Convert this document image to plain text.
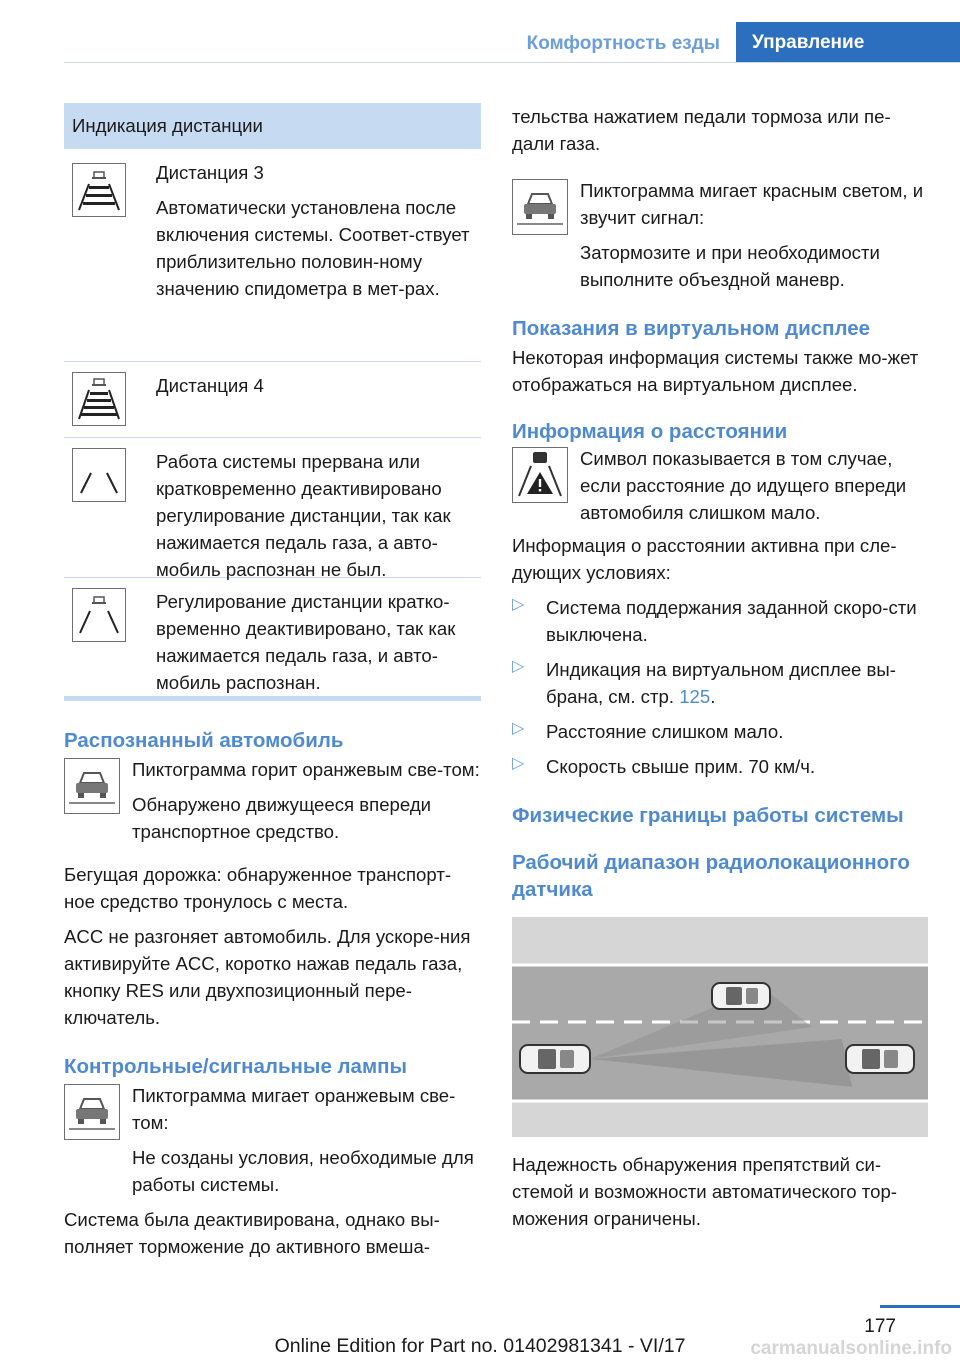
Комфортность езды	Управление
Индикация дистанции

Дистанция 3

Автоматически установлена после включения системы. Соответ-ствует приблизительно половин-ному значению спидометра в мет-рах.

Дистанция 4

Работа системы прервана или кратковременно деактивировано регулирование дистанции, так как нажимается педаль газа, а авто-мобиль распознан не был.

Регулирование дистанции кратко-временно деактивировано, так как нажимается педаль газа, и авто-мобиль распознан.

Распознанный автомобиль

Пиктограмма горит оранжевым све-том:

Обнаружено движущееся впереди транспортное средство.

Бегущая дорожка: обнаруженное транспорт-ное средство тронулось с места.

ACC не разгоняет автомобиль. Для ускоре-ния активируйте ACC, коротко нажав педаль газа, кнопку RES или двухпозиционный пере-ключатель.

Контрольные/сигнальные лампы

Пиктограмма мигает оранжевым све-том:

Не созданы условия, необходимые для работы системы.

Система была деактивирована, однако вы-полняет торможение до активного вмеша-

тельства нажатием педали тормоза или пе-дали газа.

Пиктограмма мигает красным светом, и звучит сигнал:

Затормозите и при необходимости выполните объездной маневр.

Показания в виртуальном дисплее

Некоторая информация системы также мо-жет отображаться на виртуальном дисплее.

Информация о расстоянии

Символ показывается в том случае, если расстояние до идущего впереди автомобиля слишком мало.

Информация о расстоянии активна при сле-дующих условиях:

▷ Система поддержания заданной скоро-сти выключена.

▷ Индикация на виртуальном дисплее вы-брана, см. стр. 125.

▷ Расстояние слишком мало.

▷ Скорость свыше прим. 70 км/ч.

Физические границы работы системы
Рабочий диапазон радиолокационного датчика

Надежность обнаружения препятствий си-стемой и возможности автоматического тор-можения ограничены.

177
Online Edition for Part no. 01402981341 - VI/17	carmanualsonline.info
